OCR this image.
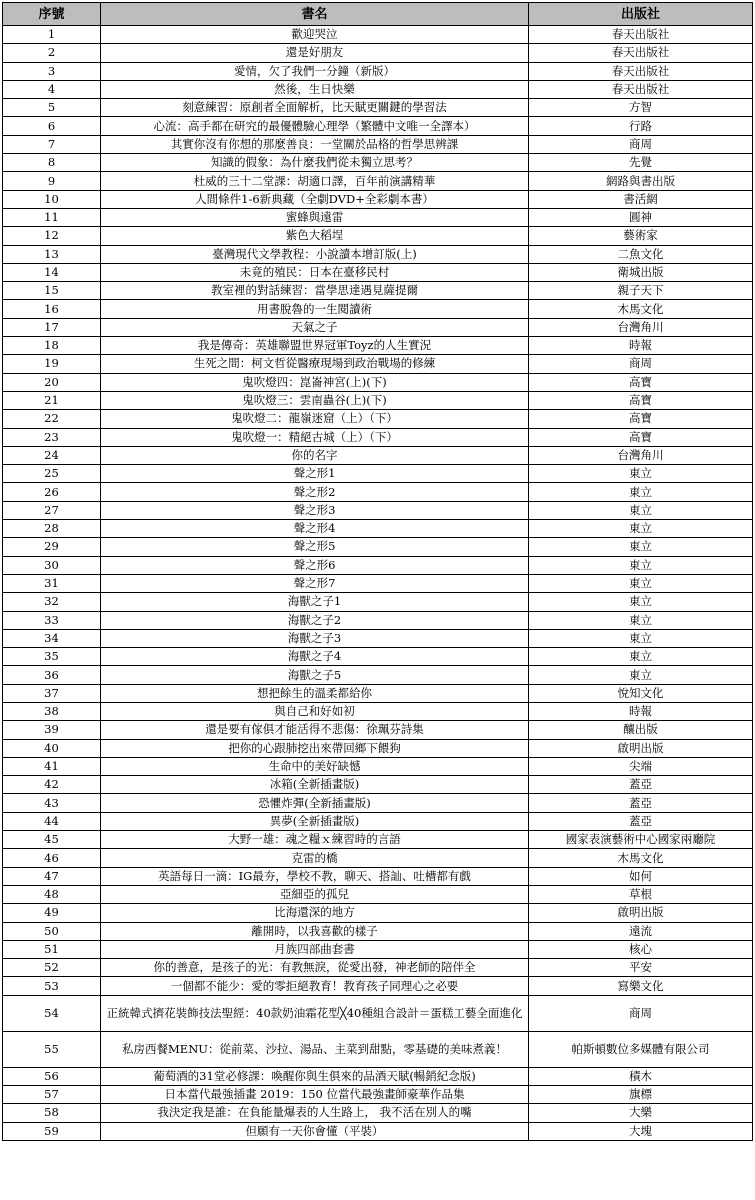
序號	書名	出版社
1	歡迎哭泣	春天出版社
2	還是好朋友	春天出版社
3	愛情，欠了我們一分鐘（新版）	春天出版社
4	然後，生日快樂	春天出版社
5	刻意練習：原創者全面解析，比天賦更關鍵的學習法	方智
6	心流：高手都在研究的最優體驗心理學（繁體中文唯一全譯本）	行路
7	其實你沒有你想的那麼善良：一堂關於品格的哲學思辨課	商周
8	知識的假象：為什麼我們從未獨立思考？	先覺
9	杜威的三十二堂課：胡適口譯，百年前演講精華	網路與書出版
10	人間條件1-6新典藏（全劇DVD+全彩劇本書）	書活網
11	蜜蜂與遠雷	圓神
12	紫色大稻埕	藝術家
13	臺灣現代文學教程：小說讀本增訂版(上)	二魚文化
14	未竟的殖民：日本在臺移民村	衛城出版
15	教室裡的對話練習：當學思達遇見薩提爾	親子天下
16	用書脫魯的一生閱讀術	木馬文化
17	天氣之子	台灣角川
18	我是傳奇：英雄聯盟世界冠軍Toyz的人生實況	時報
19	生死之間：柯文哲從醫療現場到政治戰場的修練	商周
20	鬼吹燈四：崑崙神宮(上)(下)	高寶
21	鬼吹燈三：雲南蟲谷(上)(下)	高寶
22	鬼吹燈二：龍嶺迷窟（上）（下）	高寶
23	鬼吹燈一：精絕古城（上）（下）	高寶
24	你的名字	台灣角川
25	聲之形1	東立
26	聲之形2	東立
27	聲之形3	東立
28	聲之形4	東立
29	聲之形5	東立
30	聲之形6	東立
31	聲之形7	東立
32	海獸之子1	東立
33	海獸之子2	東立
34	海獸之子3	東立
35	海獸之子4	東立
36	海獸之子5	東立
37	想把餘生的溫柔都給你	悅知文化
38	與自己和好如初	時報
39	還是要有傢俱才能活得不悲傷：徐珮芬詩集	釀出版
40	把你的心跟肺挖出來帶回鄉下餵狗	啟明出版
41	生命中的美好缺憾	尖端
42	冰箱(全新插畫版)	蓋亞
43	恐懼炸彈(全新插畫版)	蓋亞
44	異夢(全新插畫版)	蓋亞
45	大野一雄：魂之糧ｘ練習時的言語	國家表演藝術中心國家兩廳院
46	克雷的橋	木馬文化
47	英語每日一滴：IG最夯，學校不教，聊天、搭訕、吐槽都有戲	如何
48	亞細亞的孤兒	草根
49	比海還深的地方	啟明出版
50	離開時，以我喜歡的樣子	遠流
51	月族四部曲套書	核心
52	你的善意，是孩子的光：有教無淚，從愛出發，神老師的陪伴全	平安
53	一個都不能少：愛的零拒絕教育！教育孩子同理心之必要	寫樂文化
54	正統韓式擠花裝飾技法聖經：40款奶油霜花型╳40種組合設計＝蛋糕工藝全面進化	商周
55	私房西餐MENU：從前菜、沙拉、湯品、主菜到甜點，零基礎的美味煮義！	帕斯頓數位多媒體有限公司
56	葡萄酒的31堂必修課：喚醒你與生俱來的品酒天賦(暢銷紀念版)	積木
57	日本當代最強插畫 2019：150 位當代最強畫師豪華作品集	旗標
58	我決定我是誰：在負能量爆表的人生路上， 我不活在別人的嘴	大樂
59	但願有一天你會懂（平裝）	大塊
